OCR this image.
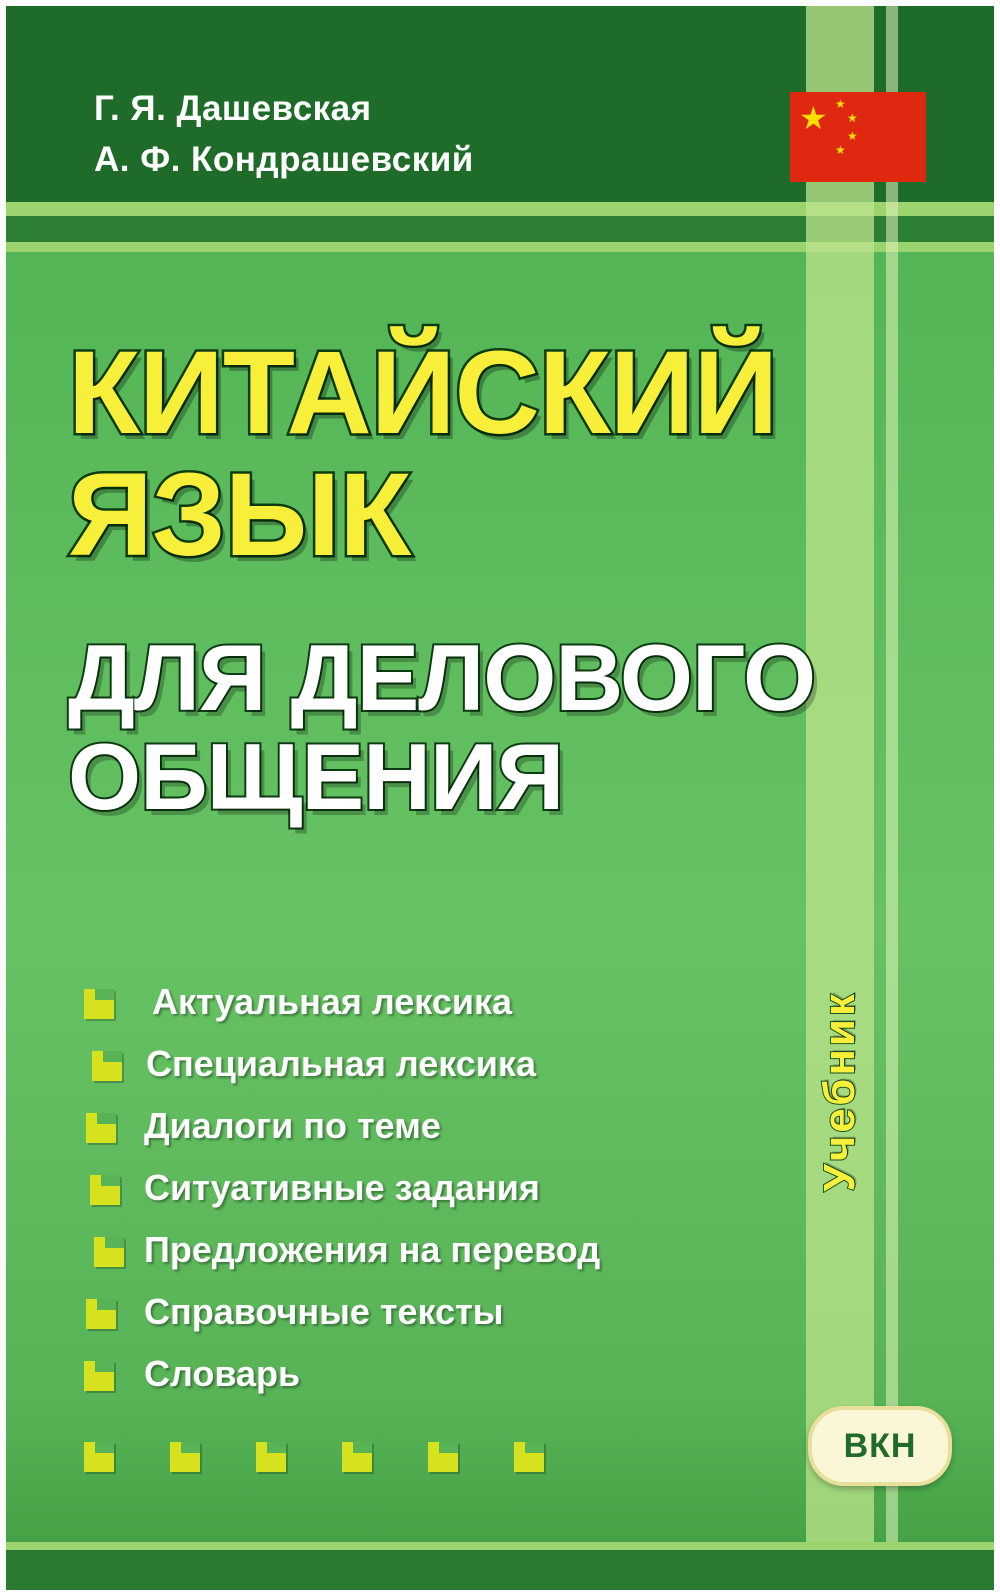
Г. Я. Дашевская
А. Ф. Кондрашевский
★ ★
★
★
★
КИТАЙСКИЙ
ЯЗЫК
ДЛЯ ДЕЛОВОГО
ОБЩЕНИЯ
Актуальная лексика
Специальная лексика
Диалоги по теме
Ситуативные задания
Предложения на перевод
Справочные тексты
Словарь
Учебник
ВКН
